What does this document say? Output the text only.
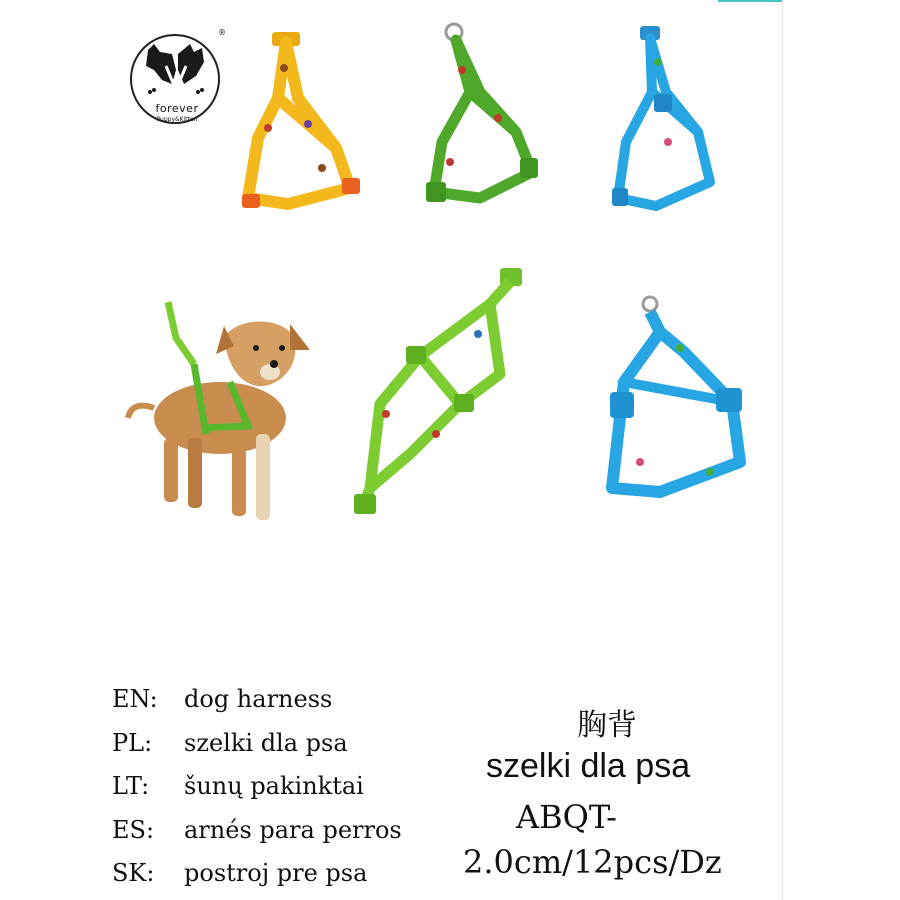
forever
Puppy&Kitten
®
EN:	dog harness
PL:	szelki dla psa
LT:	šunų pakinktai
ES:	arnés para perros
SK:	postroj pre psa
胸背
szelki dla psa
ABQT-
2.0cm/12pcs/Dz
